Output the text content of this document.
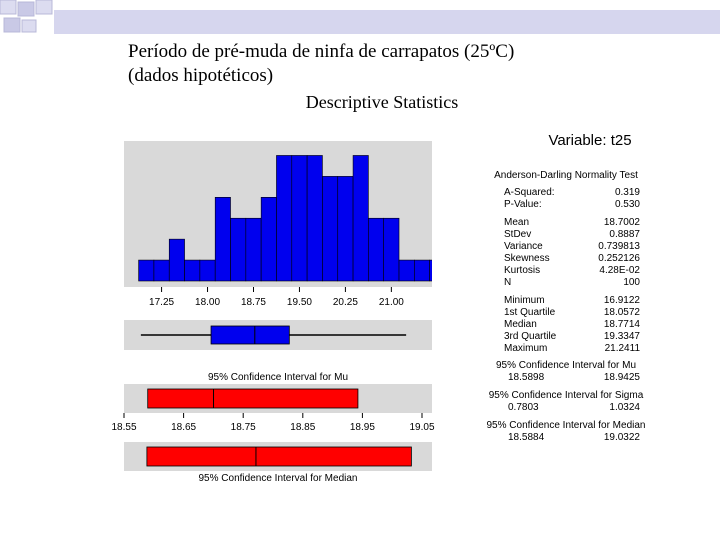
Período de pré-muda de ninfa de carrapatos (25ºC)
(dados hipotéticos)
Descriptive Statistics
17.25 18.00 18.75 19.50 20.25 21.00
95% Confidence Interval for Mu
18.55	18.65	18.75	18.85	18.95	19.05
95% Confidence Interval for Median
Variable: t25
Anderson-Darling Normality Test
A-Squared:	0.319
P-Value:	0.530
Mean	18.7002
StDev	0.8887
Variance	0.739813
Skewness	0.252126
Kurtosis	4.28E-02
N	100
Minimum	16.9122
1st Quartile	18.0572
Median	18.7714
3rd Quartile	19.3347
Maximum	21.2411
95% Confidence Interval for Mu
18.5898	18.9425
95% Confidence Interval for Sigma
0.7803	1.0324
95% Confidence Interval for Median
18.5884	19.0322
